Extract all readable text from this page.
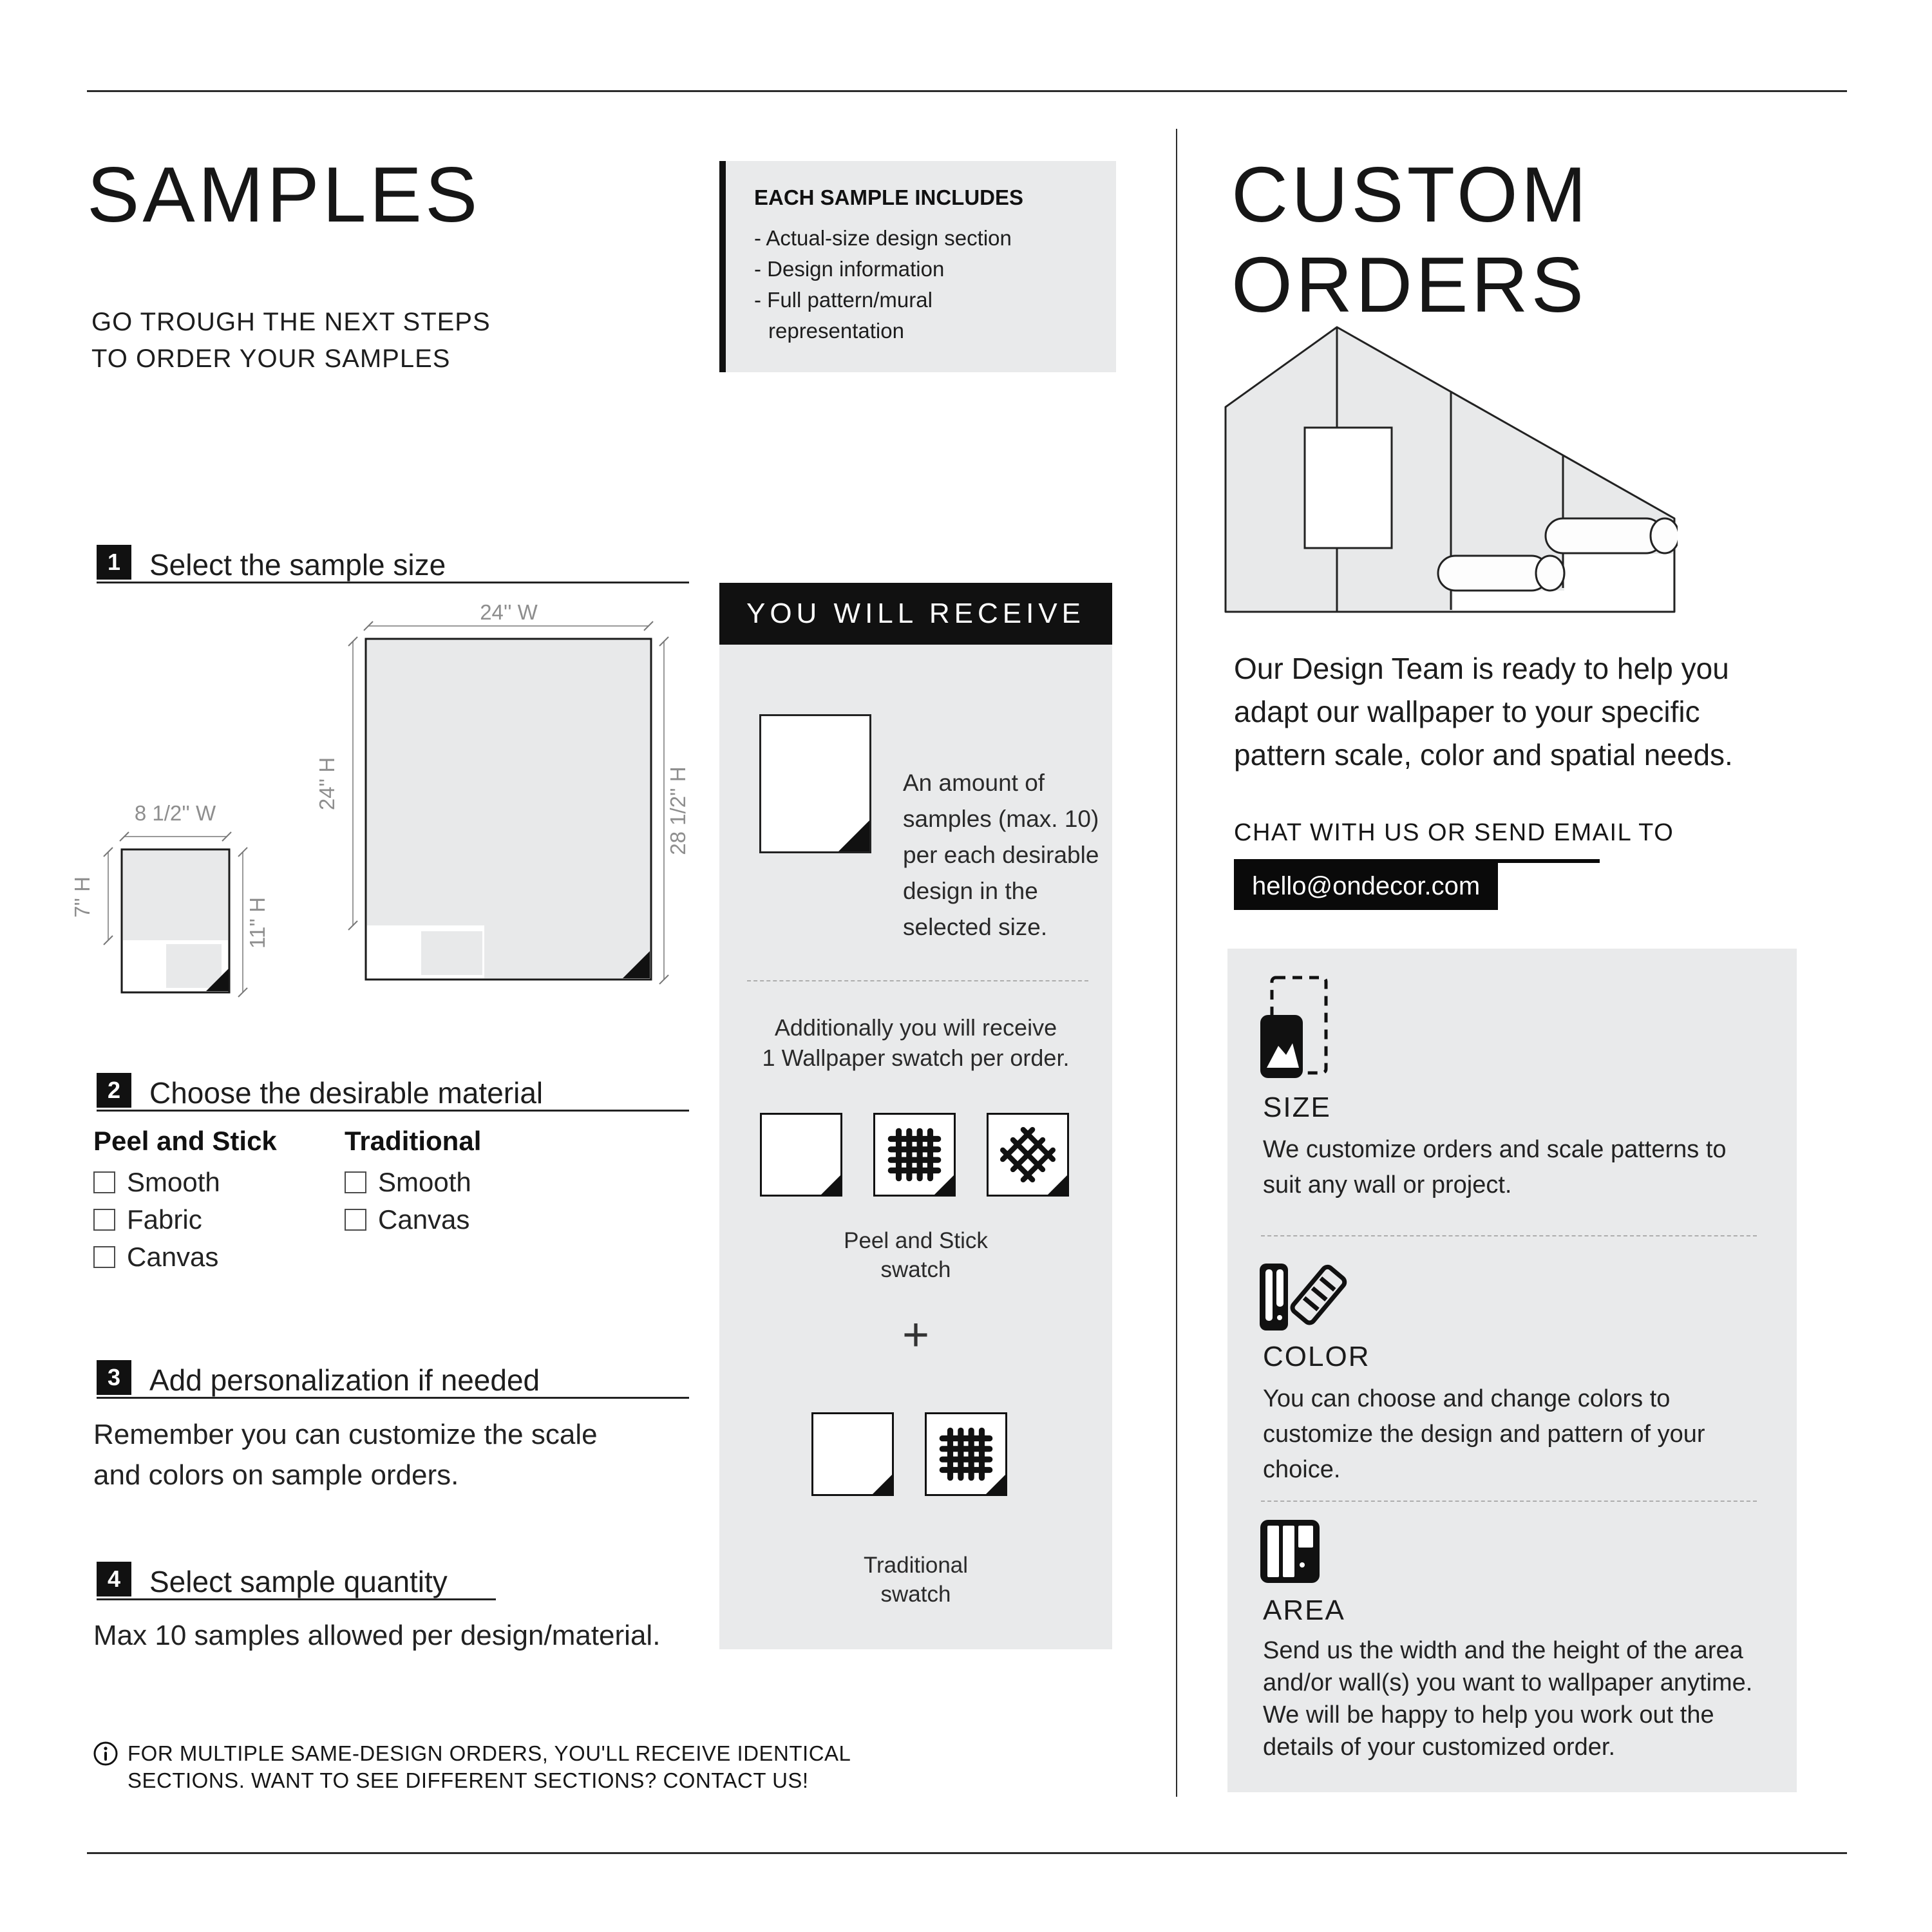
SAMPLES
GO TROUGH THE NEXT STEPS
TO ORDER YOUR SAMPLES
EACH SAMPLE INCLUDES
- Actual-size design section
- Design information
- Full pattern/mural
representation
1 Select the sample size
8 1/2'' W
7'' H
11'' H
24'' W
24'' H	28 1/2'' H
2 Choose the desirable material
Peel and Stick
Smooth
Fabric
Canvas
Traditional
Smooth
Canvas
3 Add personalization if needed
Remember you can customize the scale
and colors on sample orders.
4 Select sample quantity
Max 10 samples allowed per design/material.
FOR MULTIPLE SAME-DESIGN ORDERS, YOU'LL RECEIVE IDENTICAL
SECTIONS. WANT TO SEE DIFFERENT SECTIONS? CONTACT US!
YOU WILL RECEIVE
An amount of samples (max. 10) per each desirable design in the selected size.
Additionally you will receive
1 Wallpaper swatch per order.
Peel and Stick
swatch
+
Traditional
swatch
CUSTOM ORDERS
Our Design Team is ready to help you
adapt our wallpaper to your specific
pattern scale, color and spatial needs.
CHAT WITH US OR SEND EMAIL TO
hello@ondecor.com
SIZE
We customize orders and scale patterns to suit any wall or project.
COLOR
You can choose and change colors to customize the design and pattern of your choice.
AREA
Send us the width and the height of the area and/or wall(s) you want to wallpaper anytime. We will be happy to help you work out the details of your customized order.
